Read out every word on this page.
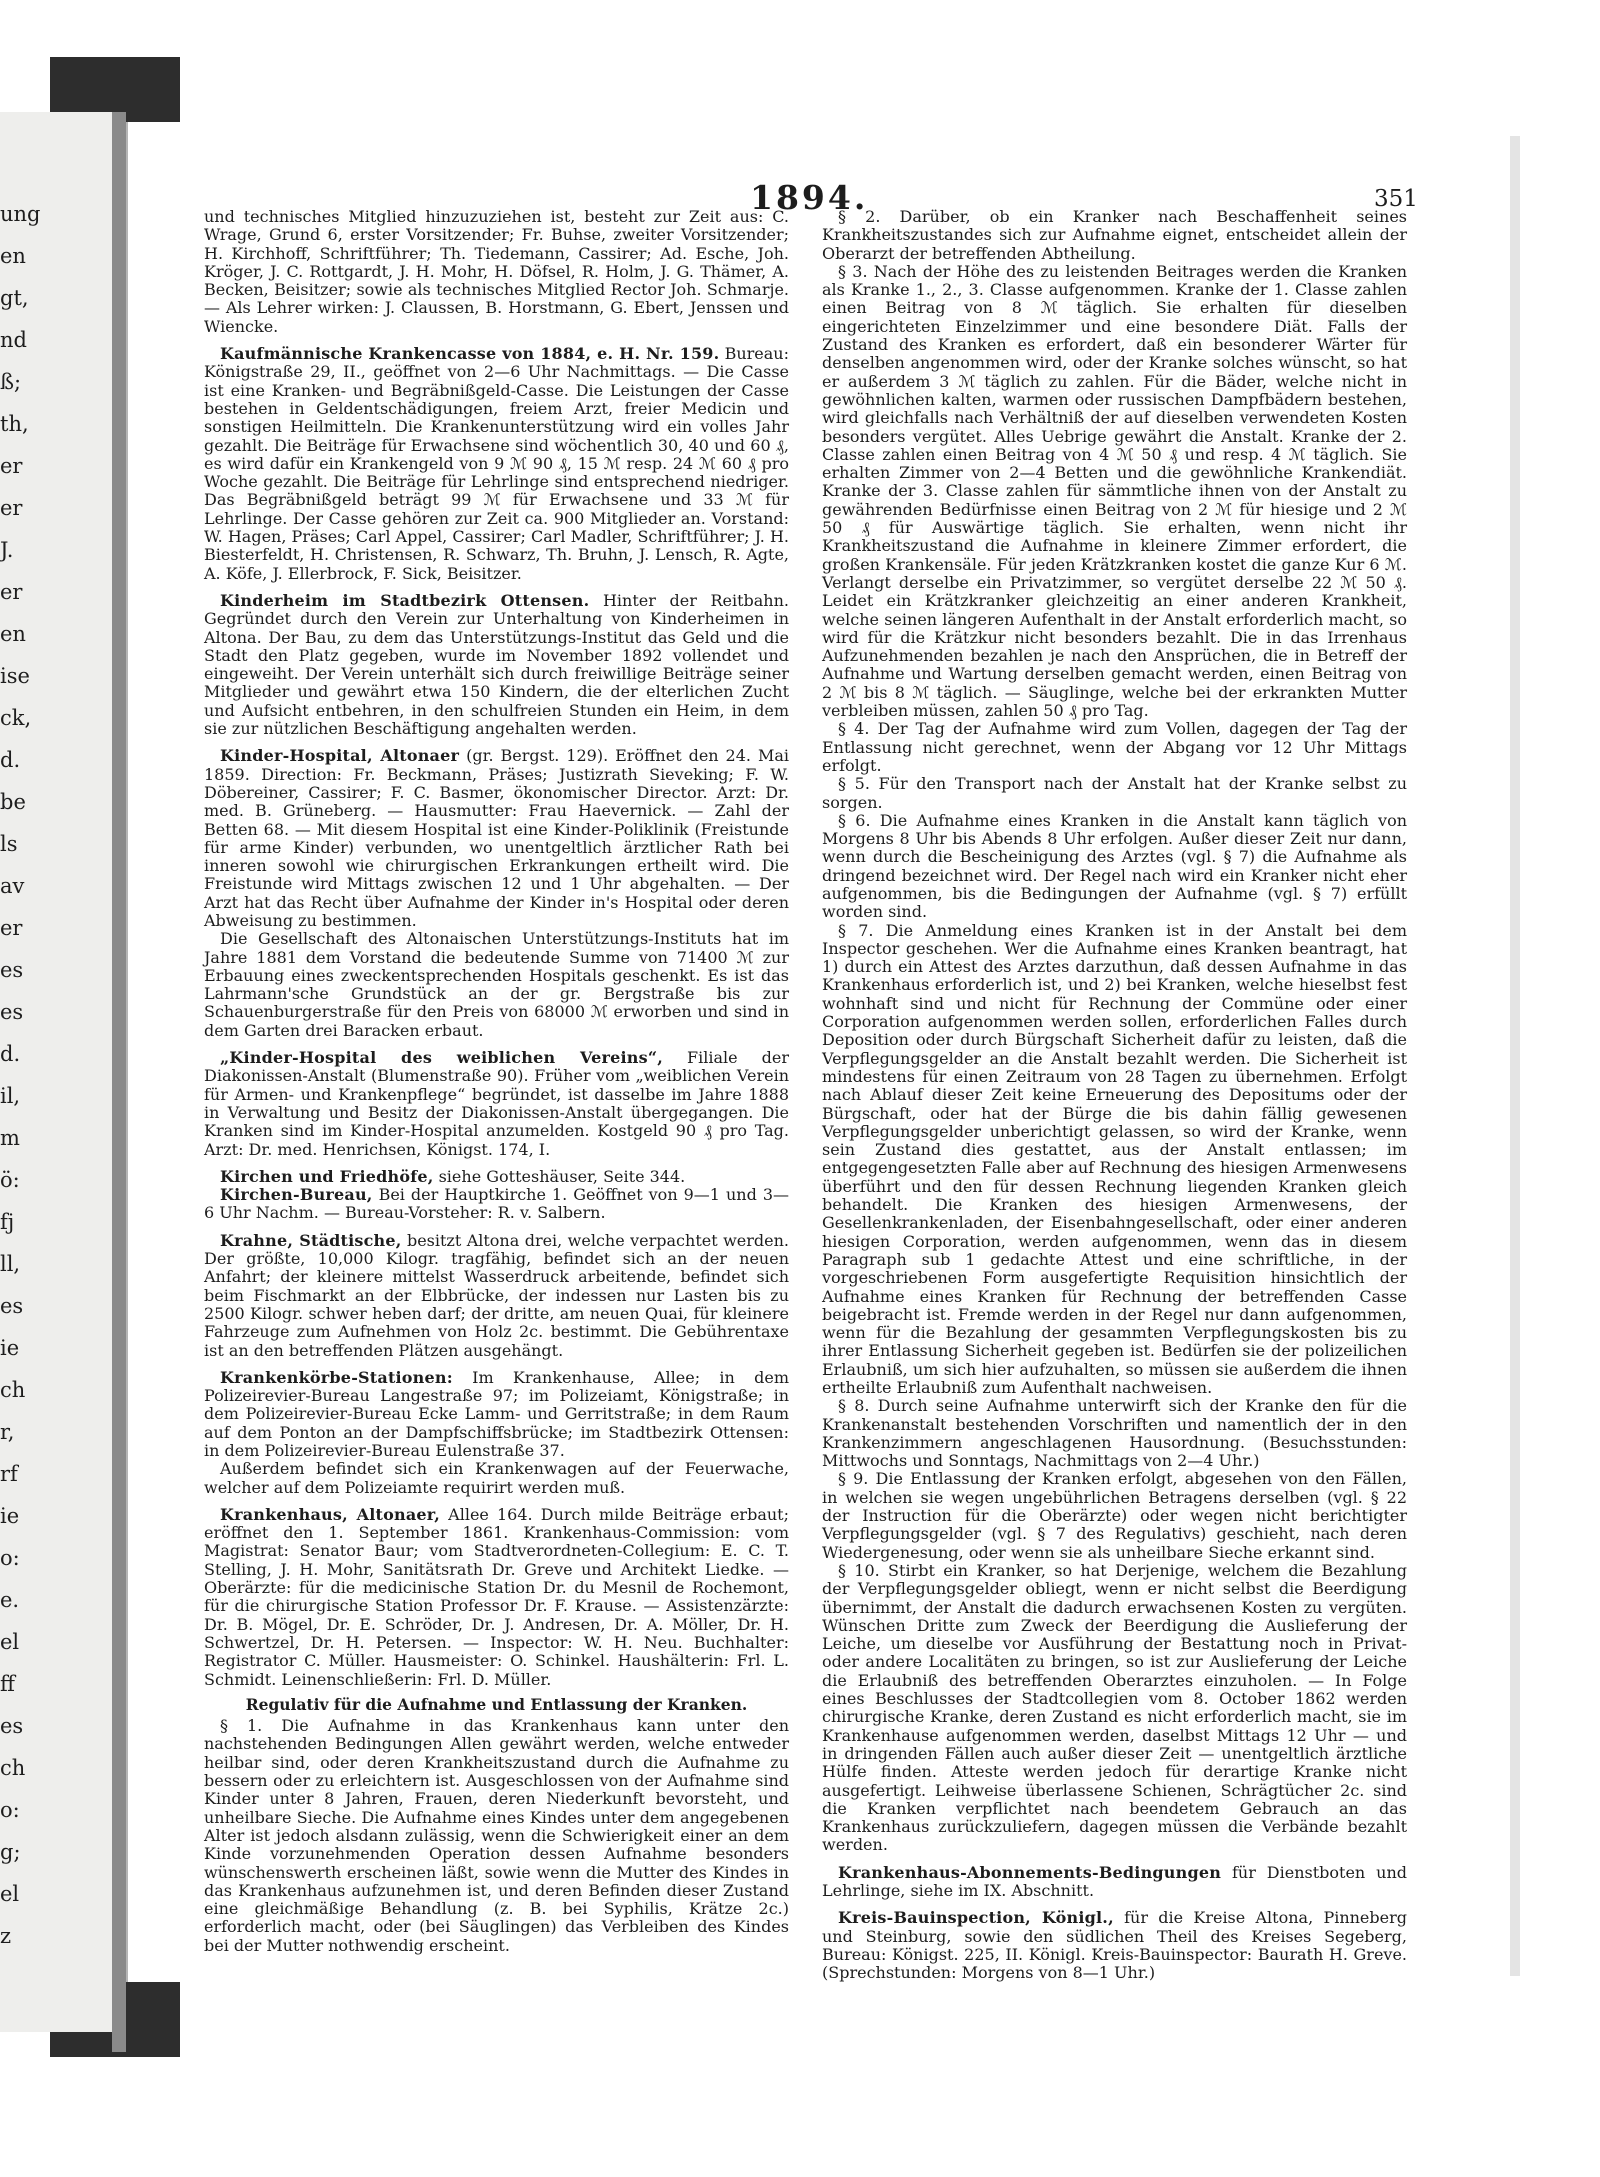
ung
en
gt,
nd
ß;
th,
er
er
J.
er
en
ise
ck,
d.
be
ls
av
er
es
es
d.
il,
m
ö:
fj
ll,
es
ie
ch
r,
rf
ie
o:
e.
el
ff
es
ch
o:
g;
el
z
1894.	351

und technisches Mitglied hinzuzuziehen ist, besteht zur Zeit aus: C. Wrage, Grund 6, erster Vorsitzender; Fr. Buhse, zweiter Vorsitzender; H. Kirchhoff, Schriftführer; Th. Tiedemann, Cassirer; Ad. Esche, Joh. Kröger, J. C. Rottgardt, J. H. Mohr, H. Döfsel, R. Holm, J. G. Thämer, A. Becken, Beisitzer; sowie als technisches Mitglied Rector Joh. Schmarje. — Als Lehrer wirken: J. Claussen, B. Horstmann, G. Ebert, Jenssen und Wiencke.

Kaufmännische Krankencasse von 1884, e. H. Nr. 159. Bureau: Königstraße 29, II., geöffnet von 2—6 Uhr Nachmittags. — Die Casse ist eine Kranken- und Begräbnißgeld-Casse. Die Leistungen der Casse bestehen in Geldentschädigungen, freiem Arzt, freier Medicin und sonstigen Heilmitteln. Die Krankenunterstützung wird ein volles Jahr gezahlt. Die Beiträge für Erwachsene sind wöchentlich 30, 40 und 60 ₰, es wird dafür ein Krankengeld von 9 ℳ 90 ₰, 15 ℳ resp. 24 ℳ 60 ₰ pro Woche gezahlt. Die Beiträge für Lehrlinge sind entsprechend niedriger. Das Begräbnißgeld beträgt 99 ℳ für Erwachsene und 33 ℳ für Lehrlinge. Der Casse gehören zur Zeit ca. 900 Mitglieder an. Vorstand: W. Hagen, Präses; Carl Appel, Cassirer; Carl Madler, Schriftführer; J. H. Biesterfeldt, H. Christensen, R. Schwarz, Th. Bruhn, J. Lensch, R. Agte, A. Köfe, J. Ellerbrock, F. Sick, Beisitzer.

Kinderheim im Stadtbezirk Ottensen. Hinter der Reitbahn. Gegründet durch den Verein zur Unterhaltung von Kinderheimen in Altona. Der Bau, zu dem das Unterstützungs-Institut das Geld und die Stadt den Platz gegeben, wurde im November 1892 vollendet und eingeweiht. Der Verein unterhält sich durch freiwillige Beiträge seiner Mitglieder und gewährt etwa 150 Kindern, die der elterlichen Zucht und Aufsicht entbehren, in den schulfreien Stunden ein Heim, in dem sie zur nützlichen Beschäftigung angehalten werden.

Kinder-Hospital, Altonaer (gr. Bergst. 129). Eröffnet den 24. Mai 1859. Direction: Fr. Beckmann, Präses; Justizrath Sieveking; F. W. Döbereiner, Cassirer; F. C. Basmer, ökonomischer Director. Arzt: Dr. med. B. Grüneberg. — Hausmutter: Frau Haevernick. — Zahl der Betten 68. — Mit diesem Hospital ist eine Kinder-Poliklinik (Freistunde für arme Kinder) verbunden, wo unentgeltlich ärztlicher Rath bei inneren sowohl wie chirurgischen Erkrankungen ertheilt wird. Die Freistunde wird Mittags zwischen 12 und 1 Uhr abgehalten. — Der Arzt hat das Recht über Aufnahme der Kinder in's Hospital oder deren Abweisung zu bestimmen.

Die Gesellschaft des Altonaischen Unterstützungs-Instituts hat im Jahre 1881 dem Vorstand die bedeutende Summe von 71400 ℳ zur Erbauung eines zweckentsprechenden Hospitals geschenkt. Es ist das Lahrmann'sche Grundstück an der gr. Bergstraße bis zur Schauenburgerstraße für den Preis von 68000 ℳ erworben und sind in dem Garten drei Baracken erbaut.

„Kinder-Hospital des weiblichen Vereins“, Filiale der Diakonissen-Anstalt (Blumenstraße 90). Früher vom „weiblichen Verein für Armen- und Krankenpflege“ begründet, ist dasselbe im Jahre 1888 in Verwaltung und Besitz der Diakonissen-Anstalt übergegangen. Die Kranken sind im Kinder-Hospital anzumelden. Kostgeld 90 ₰ pro Tag. Arzt: Dr. med. Henrichsen, Königst. 174, I.

Kirchen und Friedhöfe, siehe Gotteshäuser, Seite 344.

Kirchen-Bureau, Bei der Hauptkirche 1. Geöffnet von 9—1 und 3—6 Uhr Nachm. — Bureau-Vorsteher: R. v. Salbern.

Krahne, Städtische, besitzt Altona drei, welche verpachtet werden. Der größte, 10,000 Kilogr. tragfähig, befindet sich an der neuen Anfahrt; der kleinere mittelst Wasserdruck arbeitende, befindet sich beim Fischmarkt an der Elbbrücke, der indessen nur Lasten bis zu 2500 Kilogr. schwer heben darf; der dritte, am neuen Quai, für kleinere Fahrzeuge zum Aufnehmen von Holz 2c. bestimmt. Die Gebührentaxe ist an den betreffenden Plätzen ausgehängt.

Krankenkörbe-Stationen: Im Krankenhause, Allee; in dem Polizeirevier-Bureau Langestraße 97; im Polizeiamt, Königstraße; in dem Polizeirevier-Bureau Ecke Lamm- und Gerritstraße; in dem Raum auf dem Ponton an der Dampfschiffsbrücke; im Stadtbezirk Ottensen: in dem Polizeirevier-Bureau Eulenstraße 37.

Außerdem befindet sich ein Krankenwagen auf der Feuerwache, welcher auf dem Polizeiamte requirirt werden muß.

Krankenhaus, Altonaer, Allee 164. Durch milde Beiträge erbaut; eröffnet den 1. September 1861. Krankenhaus-Commission: vom Magistrat: Senator Baur; vom Stadtverordneten-Collegium: E. C. T. Stelling, J. H. Mohr, Sanitätsrath Dr. Greve und Architekt Liedke. — Oberärzte: für die medicinische Station Dr. du Mesnil de Rochemont, für die chirurgische Station Professor Dr. F. Krause. — Assistenzärzte: Dr. B. Mögel, Dr. E. Schröder, Dr. J. Andresen, Dr. A. Möller, Dr. H. Schwertzel, Dr. H. Petersen. — Inspector: W. H. Neu. Buchhalter: Registrator C. Müller. Hausmeister: O. Schinkel. Haushälterin: Frl. L. Schmidt. Leinenschließerin: Frl. D. Müller.

Regulativ für die Aufnahme und Entlassung der Kranken.

§ 1. Die Aufnahme in das Krankenhaus kann unter den nachstehenden Bedingungen Allen gewährt werden, welche entweder heilbar sind, oder deren Krankheitszustand durch die Aufnahme zu bessern oder zu erleichtern ist. Ausgeschlossen von der Aufnahme sind Kinder unter 8 Jahren, Frauen, deren Niederkunft bevorsteht, und unheilbare Sieche. Die Aufnahme eines Kindes unter dem angegebenen Alter ist jedoch alsdann zulässig, wenn die Schwierigkeit einer an dem Kinde vorzunehmenden Operation dessen Aufnahme besonders wünschenswerth erscheinen läßt, sowie wenn die Mutter des Kindes in das Krankenhaus aufzunehmen ist, und deren Befinden dieser Zustand eine gleichmäßige Behandlung (z. B. bei Syphilis, Krätze 2c.) erforderlich macht, oder (bei Säuglingen) das Verbleiben des Kindes bei der Mutter nothwendig erscheint.

§ 2. Darüber, ob ein Kranker nach Beschaffenheit seines Krankheitszustandes sich zur Aufnahme eignet, entscheidet allein der Oberarzt der betreffenden Abtheilung.

§ 3. Nach der Höhe des zu leistenden Beitrages werden die Kranken als Kranke 1., 2., 3. Classe aufgenommen. Kranke der 1. Classe zahlen einen Beitrag von 8 ℳ täglich. Sie erhalten für dieselben eingerichteten Einzelzimmer und eine besondere Diät. Falls der Zustand des Kranken es erfordert, daß ein besonderer Wärter für denselben angenommen wird, oder der Kranke solches wünscht, so hat er außerdem 3 ℳ täglich zu zahlen. Für die Bäder, welche nicht in gewöhnlichen kalten, warmen oder russischen Dampfbädern bestehen, wird gleichfalls nach Verhältniß der auf dieselben verwendeten Kosten besonders vergütet. Alles Uebrige gewährt die Anstalt. Kranke der 2. Classe zahlen einen Beitrag von 4 ℳ 50 ₰ und resp. 4 ℳ täglich. Sie erhalten Zimmer von 2—4 Betten und die gewöhnliche Krankendiät. Kranke der 3. Classe zahlen für sämmtliche ihnen von der Anstalt zu gewährenden Bedürfnisse einen Beitrag von 2 ℳ für hiesige und 2 ℳ 50 ₰ für Auswärtige täglich. Sie erhalten, wenn nicht ihr Krankheitszustand die Aufnahme in kleinere Zimmer erfordert, die großen Krankensäle. Für jeden Krätzkranken kostet die ganze Kur 6 ℳ. Verlangt derselbe ein Privatzimmer, so vergütet derselbe 22 ℳ 50 ₰. Leidet ein Krätzkranker gleichzeitig an einer anderen Krankheit, welche seinen längeren Aufenthalt in der Anstalt erforderlich macht, so wird für die Krätzkur nicht besonders bezahlt. Die in das Irrenhaus Aufzunehmenden bezahlen je nach den Ansprüchen, die in Betreff der Aufnahme und Wartung derselben gemacht werden, einen Beitrag von 2 ℳ bis 8 ℳ täglich. — Säuglinge, welche bei der erkrankten Mutter verbleiben müssen, zahlen 50 ₰ pro Tag.

§ 4. Der Tag der Aufnahme wird zum Vollen, dagegen der Tag der Entlassung nicht gerechnet, wenn der Abgang vor 12 Uhr Mittags erfolgt.

§ 5. Für den Transport nach der Anstalt hat der Kranke selbst zu sorgen.

§ 6. Die Aufnahme eines Kranken in die Anstalt kann täglich von Morgens 8 Uhr bis Abends 8 Uhr erfolgen. Außer dieser Zeit nur dann, wenn durch die Bescheinigung des Arztes (vgl. § 7) die Aufnahme als dringend bezeichnet wird. Der Regel nach wird ein Kranker nicht eher aufgenommen, bis die Bedingungen der Aufnahme (vgl. § 7) erfüllt worden sind.

§ 7. Die Anmeldung eines Kranken ist in der Anstalt bei dem Inspector geschehen. Wer die Aufnahme eines Kranken beantragt, hat 1) durch ein Attest des Arztes darzuthun, daß dessen Aufnahme in das Krankenhaus erforderlich ist, und 2) bei Kranken, welche hieselbst fest wohnhaft sind und nicht für Rechnung der Commüne oder einer Corporation aufgenommen werden sollen, erforderlichen Falles durch Deposition oder durch Bürgschaft Sicherheit dafür zu leisten, daß die Verpflegungsgelder an die Anstalt bezahlt werden. Die Sicherheit ist mindestens für einen Zeitraum von 28 Tagen zu übernehmen. Erfolgt nach Ablauf dieser Zeit keine Erneuerung des Depositums oder der Bürgschaft, oder hat der Bürge die bis dahin fällig gewesenen Verpflegungsgelder unberichtigt gelassen, so wird der Kranke, wenn sein Zustand dies gestattet, aus der Anstalt entlassen; im entgegengesetzten Falle aber auf Rechnung des hiesigen Armenwesens überführt und den für dessen Rechnung liegenden Kranken gleich behandelt. Die Kranken des hiesigen Armenwesens, der Gesellenkrankenladen, der Eisenbahngesellschaft, oder einer anderen hiesigen Corporation, werden aufgenommen, wenn das in diesem Paragraph sub 1 gedachte Attest und eine schriftliche, in der vorgeschriebenen Form ausgefertigte Requisition hinsichtlich der Aufnahme eines Kranken für Rechnung der betreffenden Casse beigebracht ist. Fremde werden in der Regel nur dann aufgenommen, wenn für die Bezahlung der gesammten Verpflegungskosten bis zu ihrer Entlassung Sicherheit gegeben ist. Bedürfen sie der polizeilichen Erlaubniß, um sich hier aufzuhalten, so müssen sie außerdem die ihnen ertheilte Erlaubniß zum Aufenthalt nachweisen.

§ 8. Durch seine Aufnahme unterwirft sich der Kranke den für die Krankenanstalt bestehenden Vorschriften und namentlich der in den Krankenzimmern angeschlagenen Hausordnung. (Besuchsstunden: Mittwochs und Sonntags, Nachmittags von 2—4 Uhr.)

§ 9. Die Entlassung der Kranken erfolgt, abgesehen von den Fällen, in welchen sie wegen ungebührlichen Betragens derselben (vgl. § 22 der Instruction für die Oberärzte) oder wegen nicht berichtigter Verpflegungsgelder (vgl. § 7 des Regulativs) geschieht, nach deren Wiedergenesung, oder wenn sie als unheilbare Sieche erkannt sind.

§ 10. Stirbt ein Kranker, so hat Derjenige, welchem die Bezahlung der Verpflegungsgelder obliegt, wenn er nicht selbst die Beerdigung übernimmt, der Anstalt die dadurch erwachsenen Kosten zu vergüten. Wünschen Dritte zum Zweck der Beerdigung die Auslieferung der Leiche, um dieselbe vor Ausführung der Bestattung noch in Privat- oder andere Localitäten zu bringen, so ist zur Auslieferung der Leiche die Erlaubniß des betreffenden Oberarztes einzuholen. — In Folge eines Beschlusses der Stadtcollegien vom 8. October 1862 werden chirurgische Kranke, deren Zustand es nicht erforderlich macht, sie im Krankenhause aufgenommen werden, daselbst Mittags 12 Uhr — und in dringenden Fällen auch außer dieser Zeit — unentgeltlich ärztliche Hülfe finden. Atteste werden jedoch für derartige Kranke nicht ausgefertigt. Leihweise überlassene Schienen, Schrägtücher 2c. sind die Kranken verpflichtet nach beendetem Gebrauch an das Krankenhaus zurückzuliefern, dagegen müssen die Verbände bezahlt werden.

Krankenhaus-Abonnements-Bedingungen für Dienstboten und Lehrlinge, siehe im IX. Abschnitt.

Kreis-Bauinspection, Königl., für die Kreise Altona, Pinneberg und Steinburg, sowie den südlichen Theil des Kreises Segeberg, Bureau: Königst. 225, II. Königl. Kreis-Bauinspector: Baurath H. Greve. (Sprechstunden: Morgens von 8—1 Uhr.)
